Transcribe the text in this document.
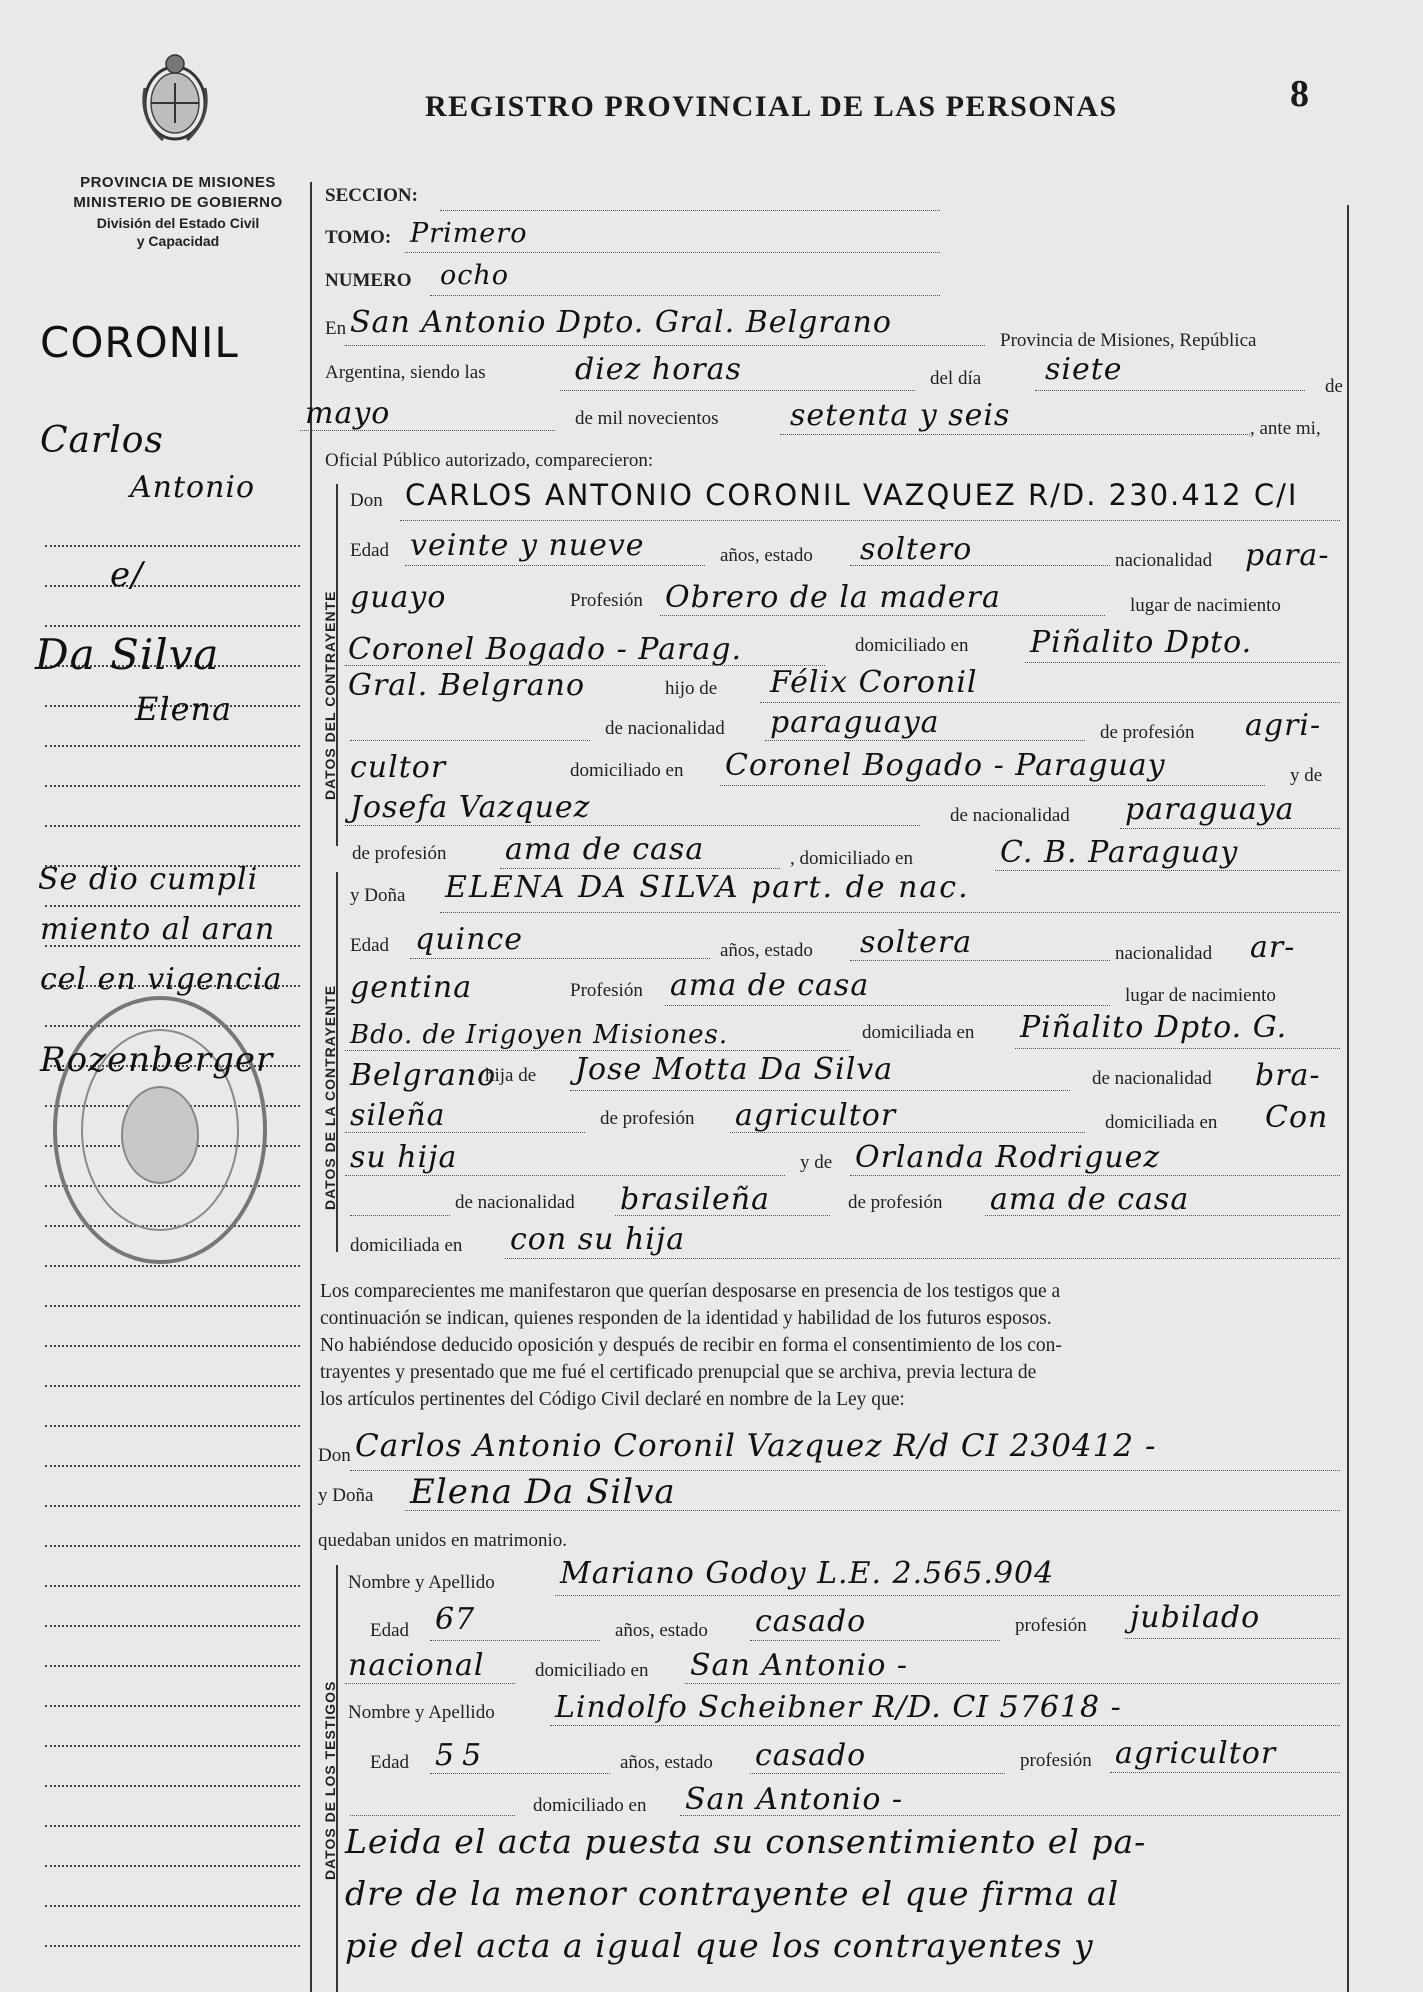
REGISTRO PROVINCIAL DE LAS PERSONAS	8
PROVINCIA DE MISIONES
MINISTERIO DE GOBIERNO
División del Estado Civil
y Capacidad
DATOS DEL CONTRAYENTE
DATOS DE LA CONTRAYENTE
DATOS DE LOS TESTIGOS
CORONIL
Carlos
Antonio
e/
Da Silva
Elena
Se dio cumpli
miento al aran
cel en vigencia
Rozenberger
SECCION:
TOMO: Primero
NUMERO ocho
En San Antonio Dpto. Gral. Belgrano
Provincia de Misiones, República
Argentina, siendo las	diez horas	del día siete	de
mayo	de mil novecientos setenta y seis	, ante mi,
Oficial Público autorizado, comparecieron:
Don CARLOS ANTONIO CORONIL VAZQUEZ R/D. 230.412 C/I
Edad veinte y nueve	años, estado soltero	nacionalidad para-
guayo	Profesión Obrero de la madera	lugar de nacimiento
Coronel Bogado - Parag.	domiciliado en Piñalito Dpto.
Gral. Belgrano	hijo de Félix Coronil
de nacionalidad paraguaya	de profesión agri-
cultor	domiciliado en Coronel Bogado - Paraguay	y de
Josefa Vazquez	de nacionalidad paraguaya
de profesión ama de casa	, domiciliado en	C. B. Paraguay
y Doña ELENA DA SILVA part. de nac.
Edad quince	años, estado soltera	nacionalidad ar-
gentina	Profesión ama de casa	lugar de nacimiento
Bdo. de Irigoyen Misiones.	domiciliada en Piñalito Dpto. G.
Belgrano
hija de Jose Motta Da Silva	de nacionalidad bra-
sileña	de profesión agricultor	domiciliada en Con
su hija	y de Orlanda Rodriguez
de nacionalidad brasileña	de profesión ama de casa
domiciliada en con su hija
Los comparecientes me manifestaron que querían desposarse en presencia de los testigos que a
continuación se indican, quienes responden de la identidad y habilidad de los futuros esposos.
No habiéndose deducido oposición y después de recibir en forma el consentimiento de los con-
trayentes y presentado que me fué el certificado prenupcial que se archiva, previa lectura de
los artículos pertinentes del Código Civil declaré en nombre de la Ley que:
Don Carlos Antonio Coronil Vazquez R/d CI 230412 -
y Doña Elena Da Silva
quedaban unidos en matrimonio.
Nombre y Apellido Mariano Godoy L.E. 2.565.904
Edad 67	años, estado casado	profesión jubilado
nacional	domiciliado en San Antonio -
Nombre y Apellido Lindolfo Scheibner R/D. CI 57618 -
Edad 55	años, estado casado	profesión agricultor
domiciliado en San Antonio -
Leida el acta puesta su consentimiento el pa-
dre de la menor contrayente el que firma al
pie del acta a igual que los contrayentes y
